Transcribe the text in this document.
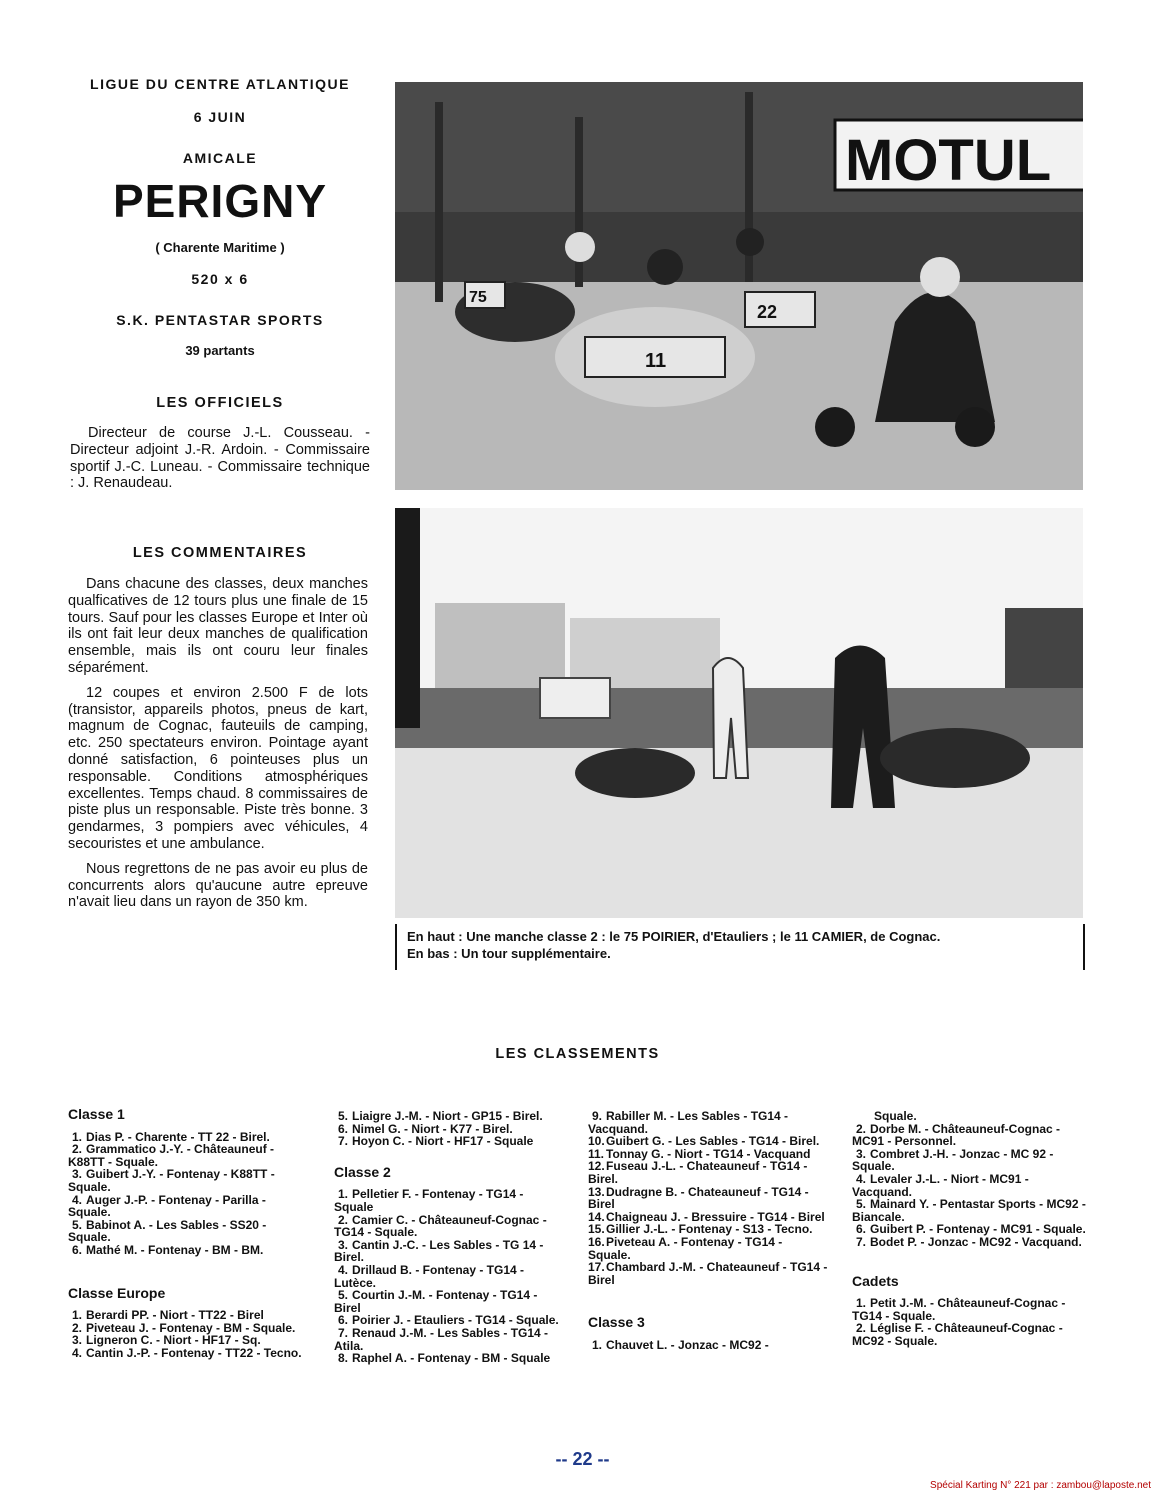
LIGUE DU CENTRE ATLANTIQUE
6 JUIN
AMICALE
PERIGNY
( Charente Maritime )
520 x 6
S.K. PENTASTAR SPORTS
39 partants
LES OFFICIELS

Directeur de course J.-L. Cousseau. - Directeur adjoint J.-R. Ardoin. - Commissaire sportif J.-C. Luneau. - Commissaire technique : J. Renaudeau.

LES COMMENTAIRES

Dans chacune des classes, deux manches qualficatives de 12 tours plus une finale de 15 tours. Sauf pour les classes Europe et Inter où ils ont fait leur deux manches de qualification ensemble, mais ils ont couru leur finales séparément.

12 coupes et environ 2.500 F de lots (transistor, appareils photos, pneus de kart, magnum de Cognac, fauteuils de camping, etc. 250 spectateurs environ. Pointage ayant donné satisfaction, 6 pointeuses plus un responsable. Conditions atmosphériques excellentes. Temps chaud. 8 commissaires de piste plus un responsable. Piste très bonne. 3 gendarmes, 3 pompiers avec véhicules, 4 secouristes et une ambulance.

Nous regrettons de ne pas avoir eu plus de concurrents alors qu'aucune autre epreuve n'avait lieu dans un rayon de 350 km.

MOTUL
11
22
75
En haut : Une manche classe 2 : le 75 POIRIER, d'Etauliers ; le 11 CAMIER, de Cognac.
En bas : Un tour supplémentaire.
LES CLASSEMENTS
Classe 1
1. Dias P. - Charente - TT 22 - Birel.
2. Grammatico J.-Y. - Châteauneuf - K88TT - Squale.
3. Guibert J.-Y. - Fontenay - K88TT - Squale.
4. Auger J.-P. - Fontenay - Parilla - Squale.
5. Babinot A. - Les Sables - SS20 - Squale.
6. Mathé M. - Fontenay - BM - BM.
Classe Europe
1. Berardi PP. - Niort - TT22 - Birel
2. Piveteau J. - Fontenay - BM - Squale.
3. Ligneron C. - Niort - HF17 - Sq.
4. Cantin J.-P. - Fontenay - TT22 - Tecno.
5. Liaigre J.-M. - Niort - GP15 - Birel.
6. Nimel G. - Niort - K77 - Birel.
7. Hoyon C. - Niort - HF17 - Squale
Classe 2
1. Pelletier F. - Fontenay - TG14 - Squale
2. Camier C. - Châteauneuf-Cognac - TG14 - Squale.
3. Cantin J.-C. - Les Sables - TG 14 - Birel.
4. Drillaud B. - Fontenay - TG14 - Lutèce.
5. Courtin J.-M. - Fontenay - TG14 - Birel
6. Poirier J. - Etauliers - TG14 - Squale.
7. Renaud J.-M. - Les Sables - TG14 - Atila.
8. Raphel A. - Fontenay - BM - Squale
9. Rabiller M. - Les Sables - TG14 - Vacquand.
10.Guibert G. - Les Sables - TG14 - Birel.
11. Tonnay G. - Niort - TG14 - Vacquand
12.Fuseau J.-L. - Chateauneuf - TG14 - Birel.
13.Dudragne B. - Chateauneuf - TG14 - Birel
14.Chaigneau J. - Bressuire - TG14 - Birel
15.Gillier J.-L. - Fontenay - S13 - Tecno.
16.Piveteau A. - Fontenay - TG14 - Squale.
17.Chambard J.-M. - Chateauneuf - TG14 - Birel
Classe 3
1. Chauvet L. - Jonzac - MC92 -
Squale.
2. Dorbe M. - Châteauneuf-Cognac - MC91 - Personnel.
3. Combret J.-H. - Jonzac - MC 92 - Squale.
4. Levaler J.-L. - Niort - MC91 - Vacquand.
5. Mainard Y. - Pentastar Sports - MC92 - Biancale.
6. Guibert P. - Fontenay - MC91 - Squale.
7. Bodet P. - Jonzac - MC92 - Vacquand.
Cadets
1. Petit J.-M. - Châteauneuf-Cognac - TG14 - Squale.
2. Léglise F. - Châteauneuf-Cognac - MC92 - Squale.
-- 22 --
Spécial Karting N° 221 par : zambou@laposte.net
